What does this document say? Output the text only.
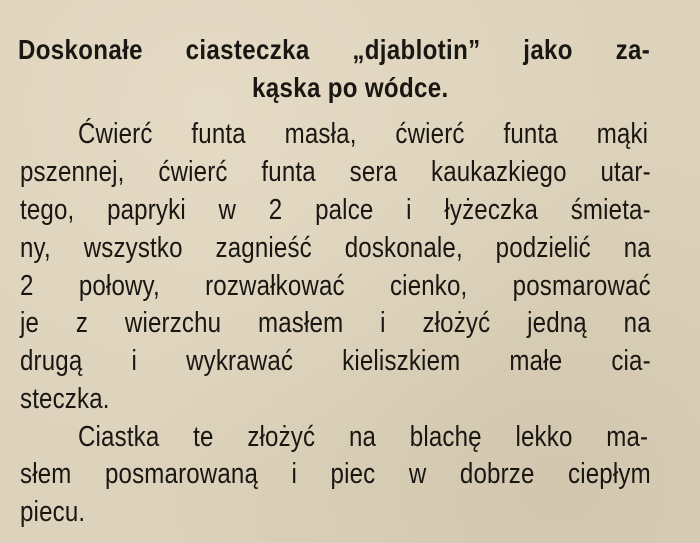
Doskonałe ciasteczka „djablotin” jako za-
kąska po wódce.
Ćwierć funta masła, ćwierć funta mąki
pszennej, ćwierć funta sera kaukazkiego utar-
tego, papryki w 2 palce i łyżeczka śmieta-
ny, wszystko zagnieść doskonale, podzielić na
2 połowy, rozwałkować cienko, posmarować
je z wierzchu masłem i złożyć jedną na
drugą i wykrawać kieliszkiem małe cia-
steczka.
Ciastka te złożyć na blachę lekko ma-
słem posmarowaną i piec w dobrze ciepłym
piecu.
